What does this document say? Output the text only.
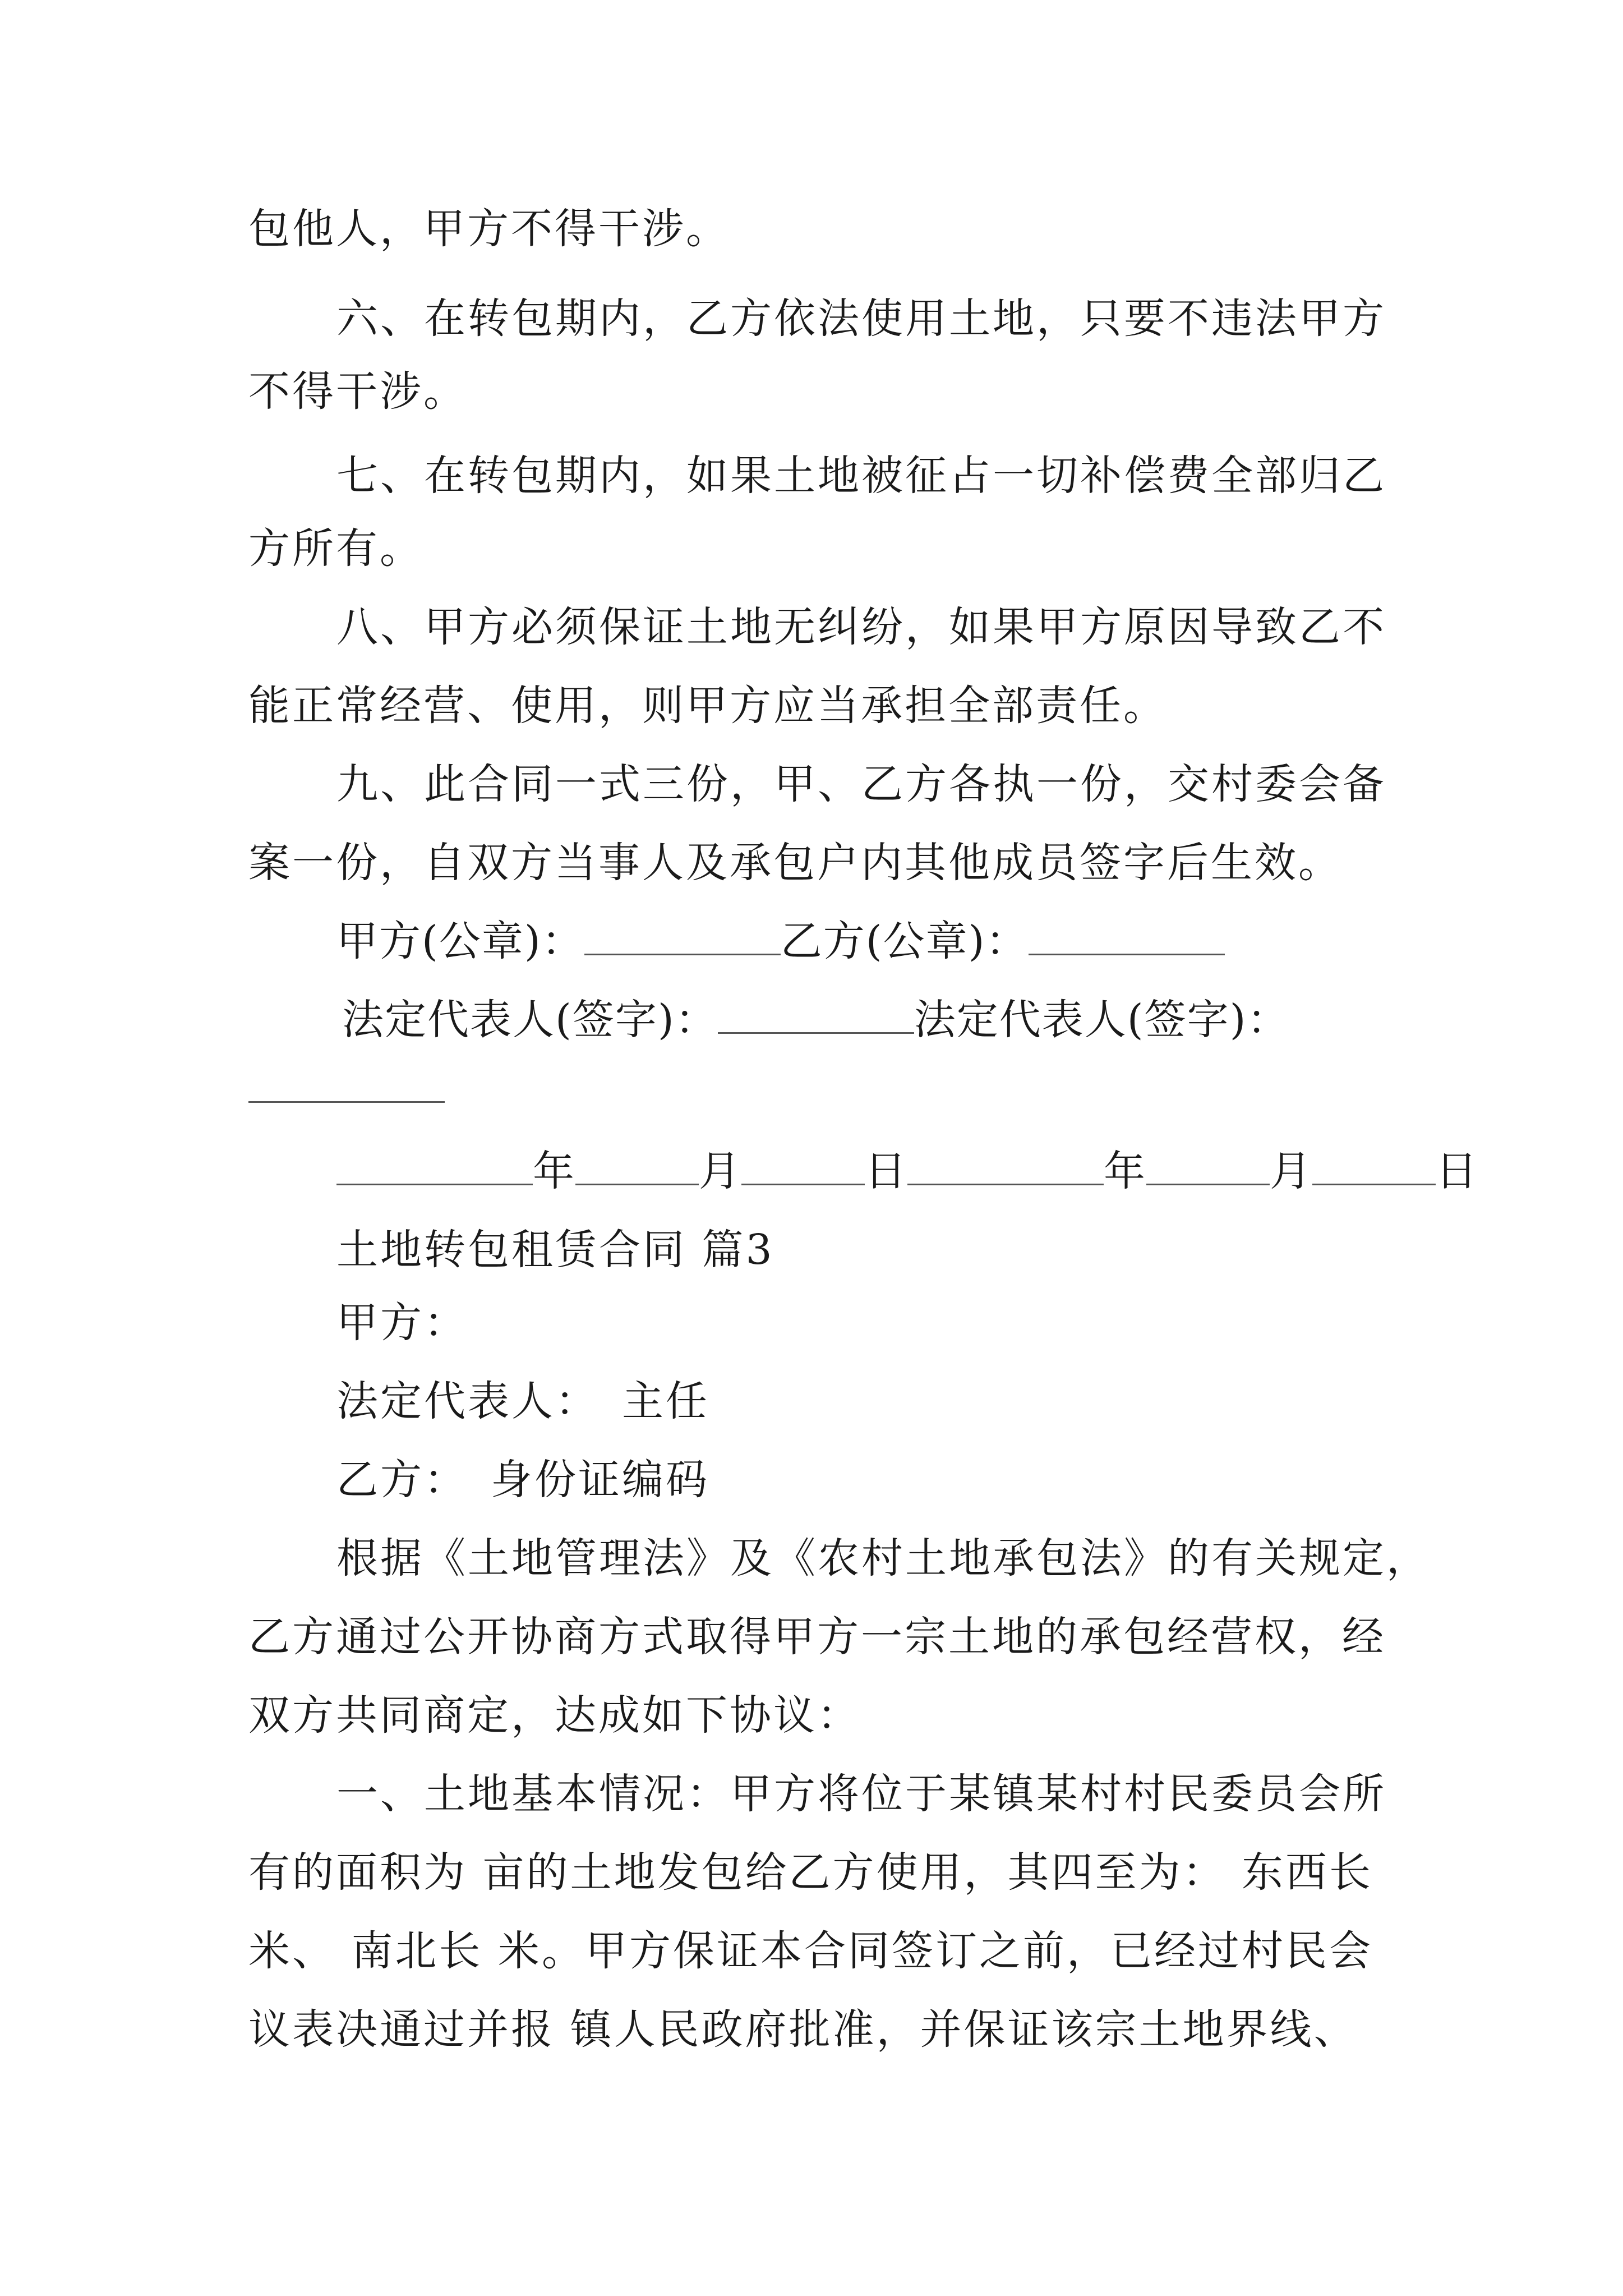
包他人，甲方不得干涉。
六、在转包期内，乙方依法使用土地，只要不违法甲方
不得干涉。
七、在转包期内，如果土地被征占一切补偿费全部归乙
方所有。
八、甲方必须保证土地无纠纷，如果甲方原因导致乙不
能正常经营、使用，则甲方应当承担全部责任。
九、此合同一式三份，甲、乙方各执一份，交村委会备
案一份，自双方当事人及承包户内其他成员签字后生效。
甲方(公章)：	乙方(公章)：
法定代表人(签字)：	法定代表人(签字)：
年	月	日	年	月	日
土地转包租赁合同 篇3
甲方：
法定代表人：　主任
乙方：　身份证编码
根据《土地管理法》及《农村土地承包法》的有关规定，
乙方通过公开协商方式取得甲方一宗土地的承包经营权，经
双方共同商定，达成如下协议：
一、土地基本情况：甲方将位于某镇某村村民委员会所
有的面积为 亩的土地发包给乙方使用，其四至为： 东西长
米、 南北长 米。甲方保证本合同签订之前，已经过村民会
议表决通过并报 镇人民政府批准，并保证该宗土地界线、
